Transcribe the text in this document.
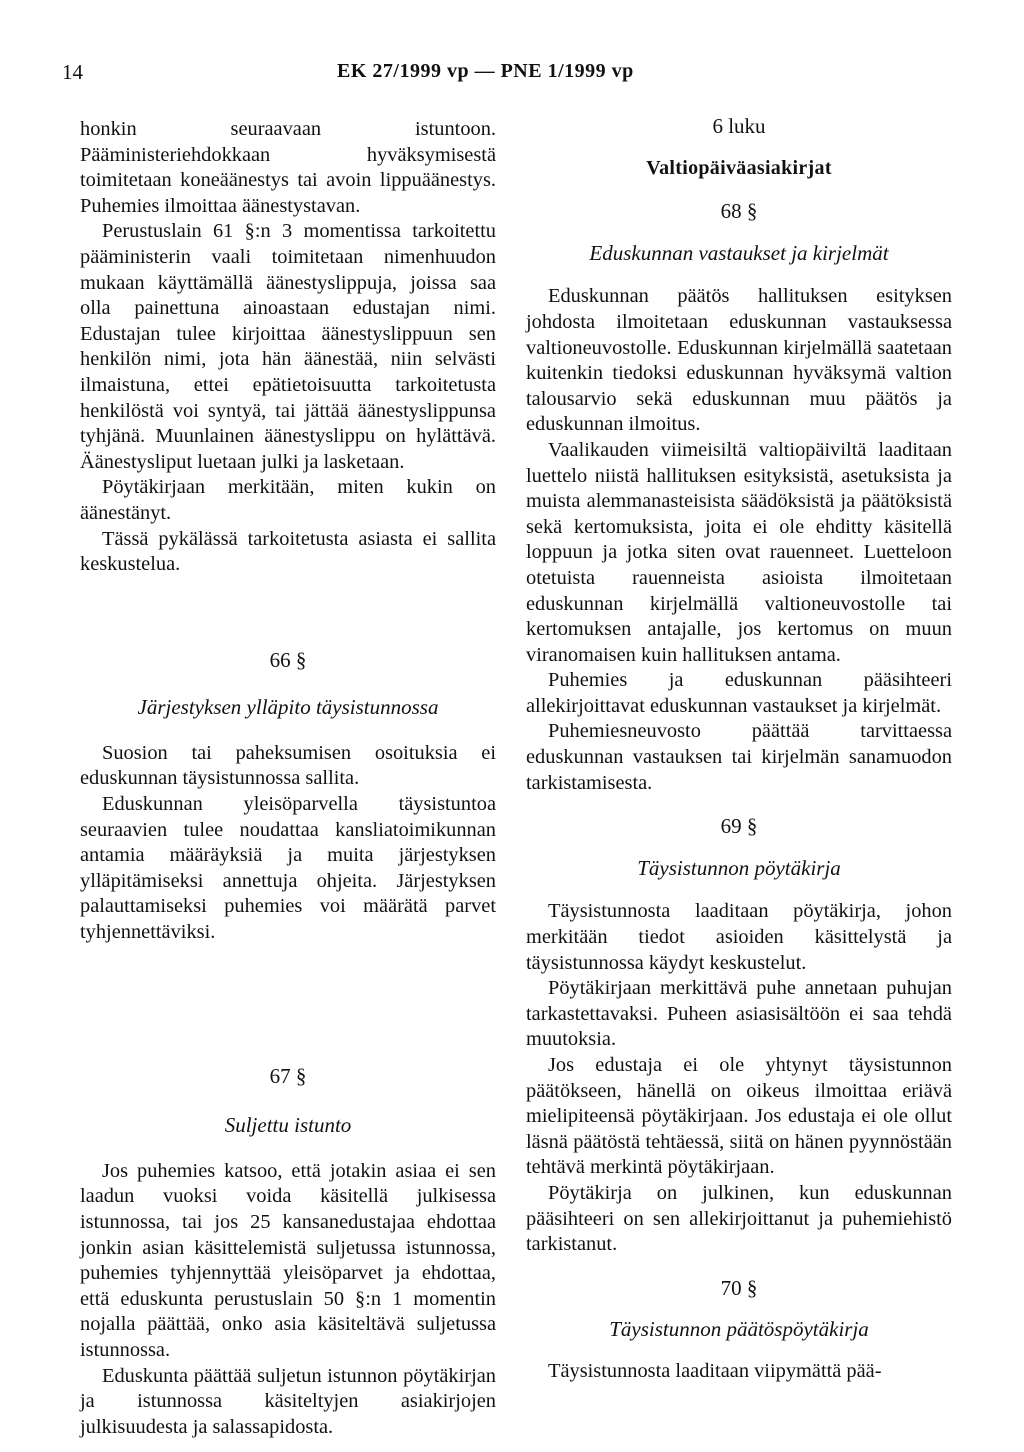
14	EK 27/1999 vp — PNE 1/1999 vp

honkin seuraavaan istuntoon. Pääministeriehdokkaan hyväksymisestä toimitetaan koneäänestys tai avoin lippuäänestys. Puhemies ilmoittaa äänestystavan.

Perustuslain 61 §:n 3 momentissa tarkoitettu pääministerin vaali toimitetaan nimenhuudon mukaan käyttämällä äänestyslippuja, joissa saa olla painettuna ainoastaan edustajan nimi. Edustajan tulee kirjoittaa äänestyslippuun sen henkilön nimi, jota hän äänestää, niin selvästi ilmaistuna, ettei epätietoisuutta tarkoitetusta henkilöstä voi syntyä, tai jättää äänestyslippunsa tyhjänä. Muunlainen äänestyslippu on hylättävä. Äänestysliput luetaan julki ja lasketaan.

Pöytäkirjaan merkitään, miten kukin on äänestänyt.

Tässä pykälässä tarkoitetusta asiasta ei sallita keskustelua.

66 §

Järjestyksen ylläpito täysistunnossa

Suosion tai paheksumisen osoituksia ei eduskunnan täysistunnossa sallita.

Eduskunnan yleisöparvella täysistuntoa seuraavien tulee noudattaa kansliatoimikunnan antamia määräyksiä ja muita järjestyksen ylläpitämiseksi annettuja ohjeita. Järjestyksen palauttamiseksi puhemies voi määrätä parvet tyhjennettäviksi.

67 §

Suljettu istunto

Jos puhemies katsoo, että jotakin asiaa ei sen laadun vuoksi voida käsitellä julkisessa istunnossa, tai jos 25 kansanedustajaa ehdottaa jonkin asian käsittelemistä suljetussa istunnossa, puhemies tyhjennyttää yleisöparvet ja ehdottaa, että eduskunta perustuslain 50 §:n 1 momentin nojalla päättää, onko asia käsiteltävä suljetussa istunnossa.

Eduskunta päättää suljetun istunnon pöytäkirjan ja istunnossa käsiteltyjen asiakirjojen julkisuudesta ja salassapidosta.

6 luku

Valtiopäiväasiakirjat

68 §

Eduskunnan vastaukset ja kirjelmät

Eduskunnan päätös hallituksen esityksen johdosta ilmoitetaan eduskunnan vastauksessa valtioneuvostolle. Eduskunnan kirjelmällä saatetaan kuitenkin tiedoksi eduskunnan hyväksymä valtion talousarvio sekä eduskunnan muu päätös ja eduskunnan ilmoitus.

Vaalikauden viimeisiltä valtiopäiviltä laaditaan luettelo niistä hallituksen esityksistä, asetuksista ja muista alemmanasteisista säädöksistä ja päätöksistä sekä kertomuksista, joita ei ole ehditty käsitellä loppuun ja jotka siten ovat rauenneet. Luetteloon otetuista rauenneista asioista ilmoitetaan eduskunnan kirjelmällä valtioneuvostolle tai kertomuksen antajalle, jos kertomus on muun viranomaisen kuin hallituksen antama.

Puhemies ja eduskunnan pääsihteeri allekirjoittavat eduskunnan vastaukset ja kirjelmät.

Puhemiesneuvosto päättää tarvittaessa eduskunnan vastauksen tai kirjelmän sanamuodon tarkistamisesta.

69 §

Täysistunnon pöytäkirja

Täysistunnosta laaditaan pöytäkirja, johon merkitään tiedot asioiden käsittelystä ja täysistunnossa käydyt keskustelut.

Pöytäkirjaan merkittävä puhe annetaan puhujan tarkastettavaksi. Puheen asiasisältöön ei saa tehdä muutoksia.

Jos edustaja ei ole yhtynyt täysistunnon päätökseen, hänellä on oikeus ilmoittaa eriävä mielipiteensä pöytäkirjaan. Jos edustaja ei ole ollut läsnä päätöstä tehtäessä, siitä on hänen pyynnöstään tehtävä merkintä pöytäkirjaan.

Pöytäkirja on julkinen, kun eduskunnan pääsihteeri on sen allekirjoittanut ja puhemiehistö tarkistanut.

70 §

Täysistunnon päätöspöytäkirja

Täysistunnosta laaditaan viipymättä pää-
